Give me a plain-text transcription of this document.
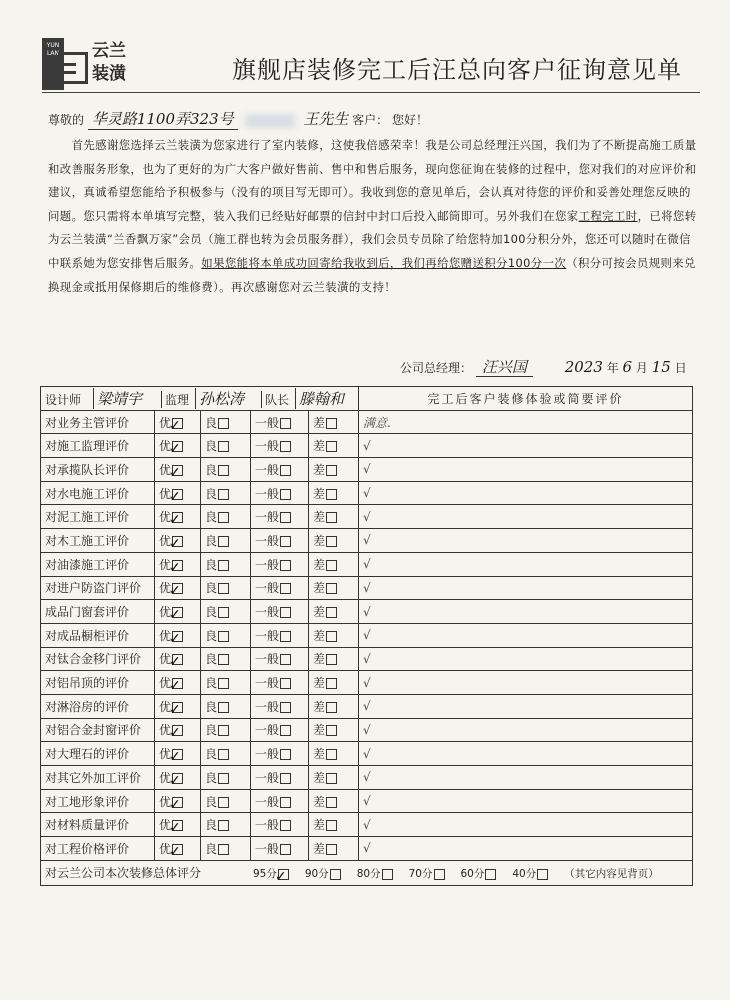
YUN LAN 云兰
装潢	旗舰店装修完工后汪总向客户征询意见单
尊敬的 华灵路1100弄323号	王先生 客户： 您好！

  首先感谢您选择云兰装潢为您家进行了室内装修，这使我倍感荣幸！我是公司总经理汪兴国，我们为了不断提高施工质量和改善服务形象，也为了更好的为广大客户做好售前、售中和售后服务，现向您征询在装修的过程中，您对我们的对应评价和建议，真诚希望您能给予积极参与（没有的项目写无即可）。我收到您的意见单后，会认真对待您的评价和妥善处理您反映的问题。您只需将本单填写完整，装入我们已经贴好邮票的信封中封口后投入邮筒即可。另外我们在您家工程完工时，已将您转为云兰装潢“兰香飘万家”会员（施工群也转为会员服务群），我们会员专员除了给您特加100分积分外，您还可以随时在微信中联系她为您安排售后服务。如果您能将本单成功回寄给我收到后，我们再给您赠送积分100分一次（积分可按会员规则来兑换现金或抵用保修期后的维修费）。再次感谢您对云兰装潢的支持！

公司总经理： 汪兴国	2023 年 6 月 15 日
设计师 梁靖宇 监理 孙松涛 队长 滕翰和					完工后客户装修体验或简要评价
对业务主管评价	优✓	良	一般	差	满意.
对施工监理评价	优✓	良	一般	差	√
对承揽队长评价	优✓	良	一般	差	√
对水电施工评价	优✓	良	一般	差	√
对泥工施工评价	优✓	良	一般	差	√
对木工施工评价	优✓	良	一般	差	√
对油漆施工评价	优✓	良	一般	差	√
对进户防盗门评价	优✓	良	一般	差	√
成品门窗套评价	优✓	良	一般	差	√
对成品橱柜评价	优✓	良	一般	差	√
对钛合金移门评价	优✓	良	一般	差	√
对铝吊顶的评价	优✓	良	一般	差	√
对淋浴房的评价	优✓	良	一般	差	√
对铝合金封窗评价	优✓	良	一般	差	√
对大理石的评价	优✓	良	一般	差	√
对其它外加工评价	优✓	良	一般	差	√
对工地形象评价	优✓	良	一般	差	√
对材料质量评价	优✓	良	一般	差	√
对工程价格评价	优✓	良	一般	差	√
对云兰公司本次装修总体评分 95分✓ 90分 80分 70分 60分 40分 （其它内容见背页）					
